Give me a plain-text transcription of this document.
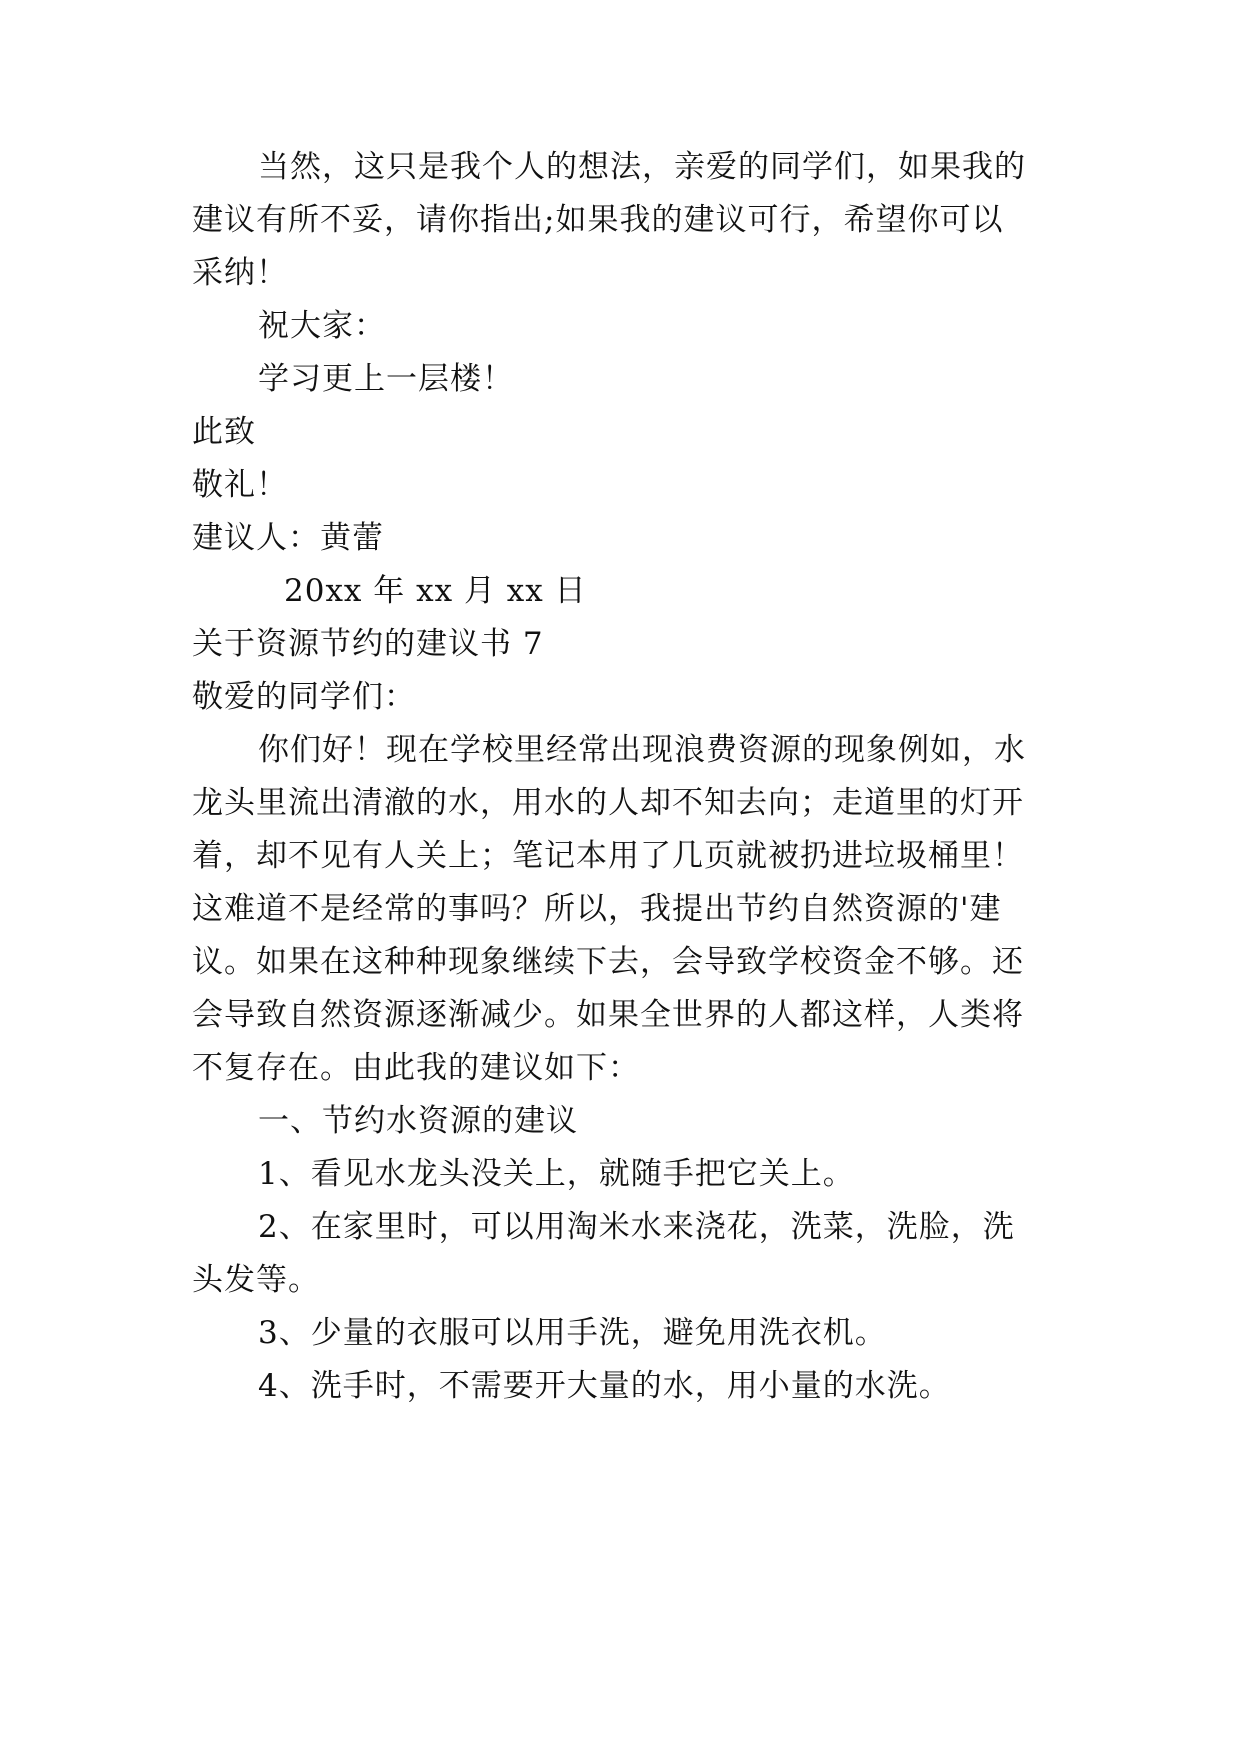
当然，这只是我个人的想法，亲爱的同学们，如果我的
建议有所不妥，请你指出;如果我的建议可行，希望你可以
采纳！
祝大家：
学习更上一层楼！
此致
敬礼！
建议人：黄蕾
20xx 年 xx 月 xx 日
关于资源节约的建议书 7
敬爱的同学们：
你们好！现在学校里经常出现浪费资源的现象例如，水
龙头里流出清澈的水，用水的人却不知去向；走道里的灯开
着，却不见有人关上；笔记本用了几页就被扔进垃圾桶里！
这难道不是经常的事吗？所以，我提出节约自然资源的'建
议。如果在这种种现象继续下去，会导致学校资金不够。还
会导致自然资源逐渐减少。如果全世界的人都这样，人类将
不复存在。由此我的建议如下：
一、节约水资源的建议
1、看见水龙头没关上，就随手把它关上。
2、在家里时，可以用淘米水来浇花，洗菜，洗脸，洗
头发等。
3、少量的衣服可以用手洗，避免用洗衣机。
4、洗手时，不需要开大量的水，用小量的水洗。
